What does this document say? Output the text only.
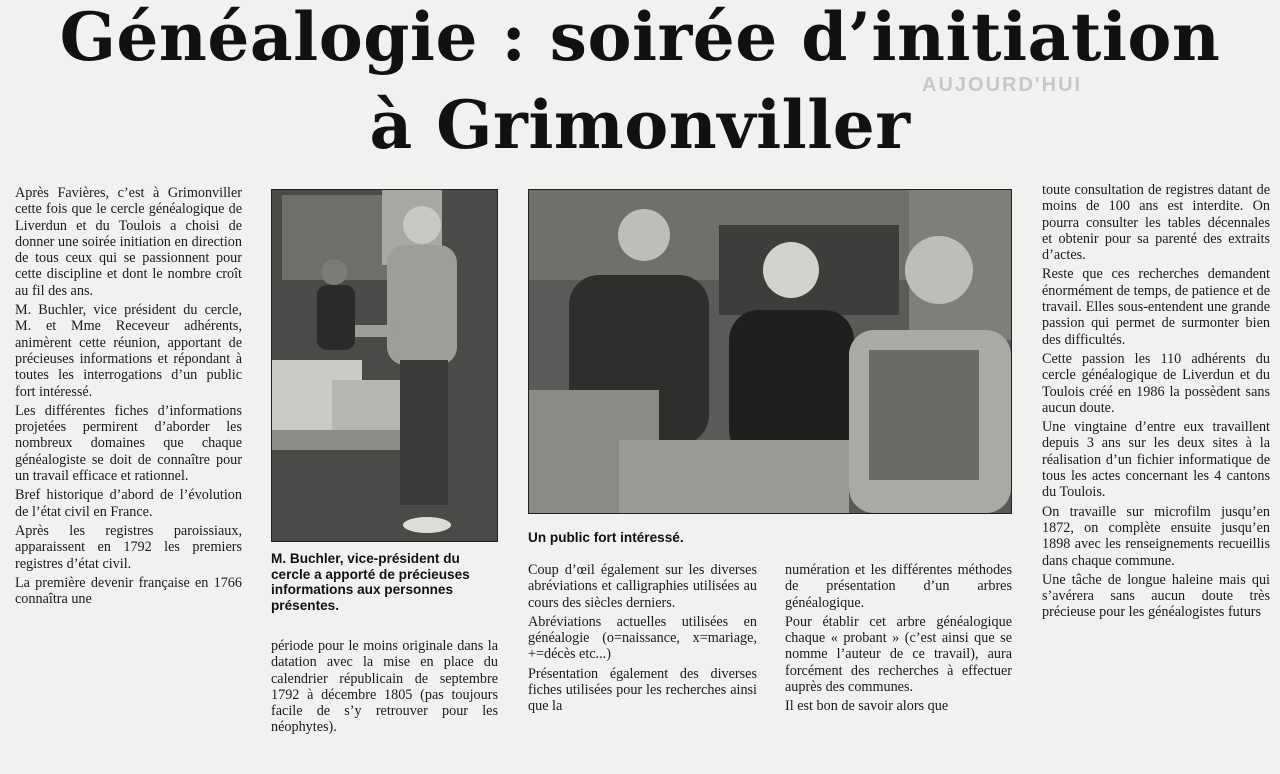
AUJOURD'HUI
Généalogie : soirée d’initiation
à Grimonviller

Après Favières, c’est à Grimonviller cette fois que le cercle généalogique de Liverdun et du Toulois a choisi de donner une soirée initiation en direction de tous ceux qui se passionnent pour cette discipline et dont le nombre croît au fil des ans.

M. Buchler, vice président du cercle, M. et Mme Receveur adhérents, animèrent cette réunion, apportant de précieuses informations et répondant à toutes les interrogations d’un public fort intéressé.

Les différentes fiches d’informations projetées permirent d’aborder les nombreux domaines que chaque généalogiste se doit de connaître pour un travail efficace et rationnel.

Bref historique d’abord de l’évolution de l’état civil en France.

Après les registres paroissiaux, apparaissent en 1792 les premiers registres d’état civil.

La première devenir française en 1766 connaîtra une

M. Buchler, vice-président du cercle a apporté de précieuses informations aux personnes présentes.
Un public fort intéressé.

période pour le moins originale dans la datation avec la mise en place du calendrier républicain de septembre 1792 à décembre 1805 (pas toujours facile de s’y retrouver pour les néophytes).

Coup d’œil également sur les diverses abréviations et calligraphies utilisées au cours des siècles derniers.

Abréviations actuelles utilisées en généalogie (o=naissance, x=mariage, +=décès etc...)

Présentation également des diverses fiches utilisées pour les recherches ainsi que la

numération et les différentes méthodes de présentation d’un arbres généalogique.

Pour établir cet arbre généalogique chaque « probant » (c’est ainsi que se nomme l’auteur de ce travail), aura forcément des recherches à effectuer auprès des communes.

Il est bon de savoir alors que

toute consultation de registres datant de moins de 100 ans est interdite. On pourra consulter les tables décennales et obtenir pour sa parenté des extraits d’actes.

Reste que ces recherches demandent énormément de temps, de patience et de travail. Elles sous-entendent une grande passion qui permet de surmonter bien des difficultés.

Cette passion les 110 adhérents du cercle généalogique de Liverdun et du Toulois créé en 1986 la possèdent sans aucun doute.

Une vingtaine d’entre eux travaillent depuis 3 ans sur les deux sites à la réalisation d’un fichier informatique de tous les actes concernant les 4 cantons du Toulois.

On travaille sur microfilm jusqu’en 1872, on complète ensuite jusqu’en 1898 avec les renseignements recueillis dans chaque commune.

Une tâche de longue haleine mais qui s’avérera sans aucun doute très précieuse pour les généalogistes futurs
